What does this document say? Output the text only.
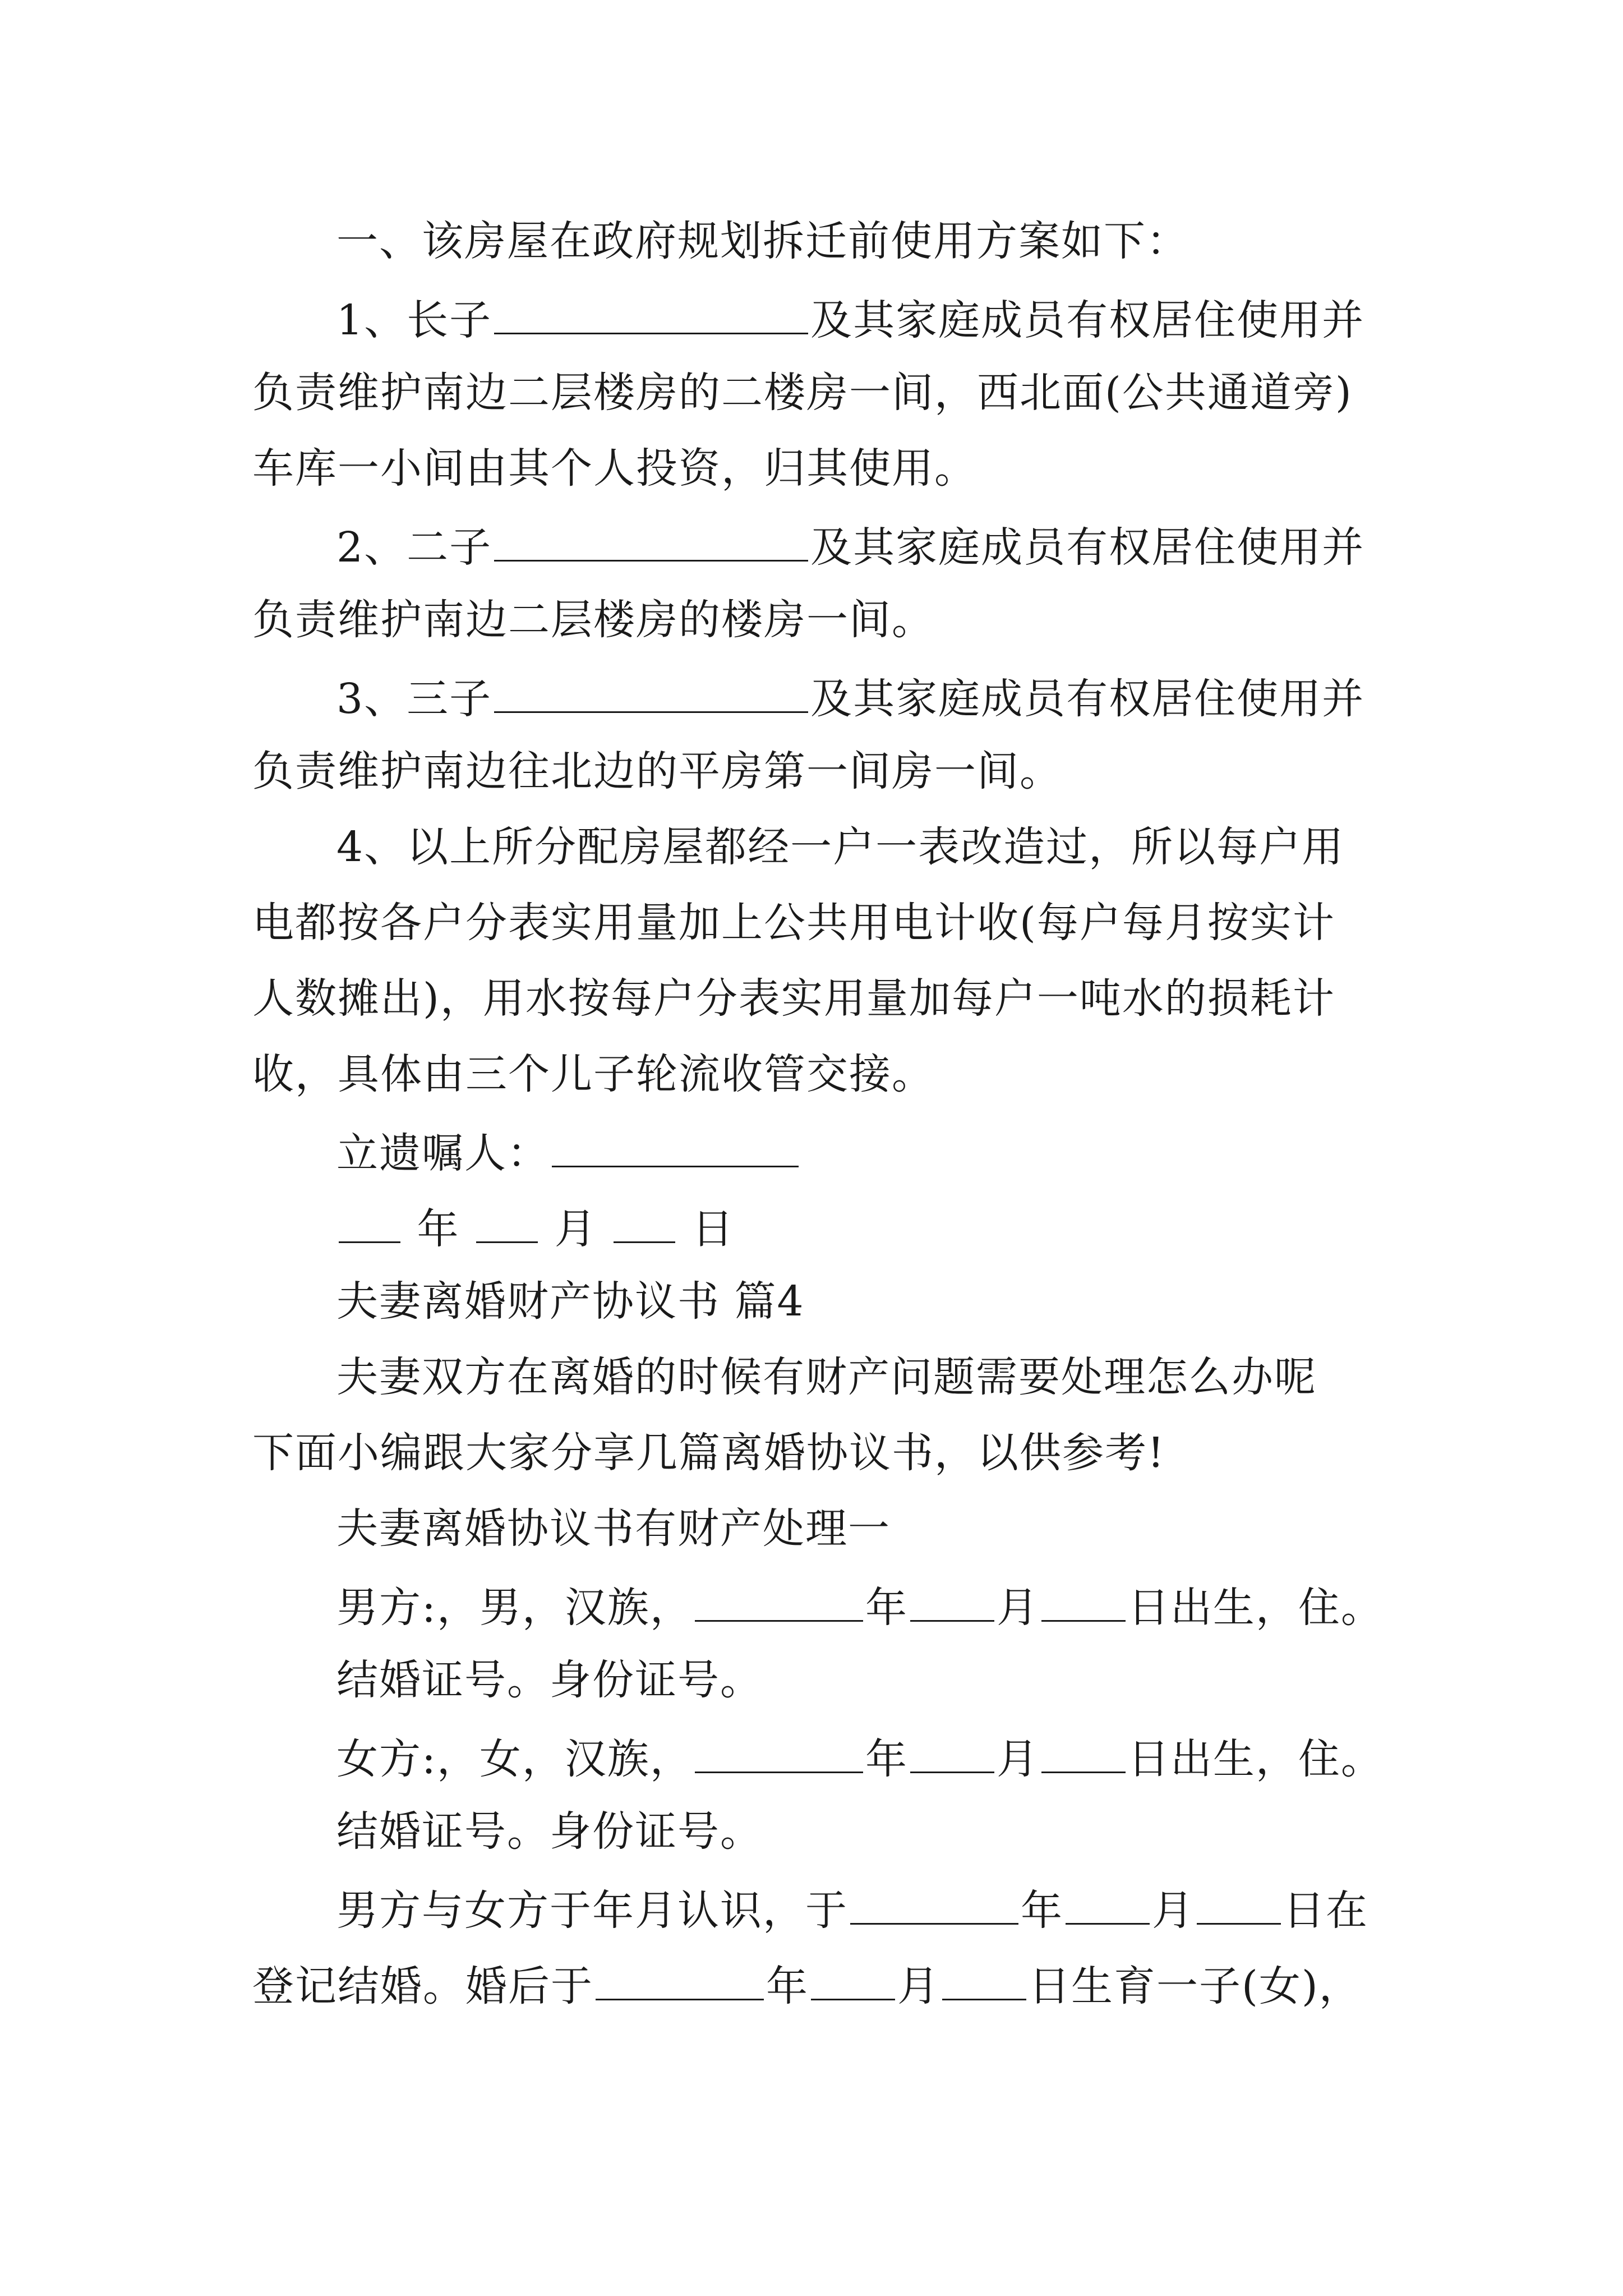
一、该房屋在政府规划拆迁前使用方案如下：
1、长子	及其家庭成员有权居住使用并
负责维护南边二层楼房的二楼房一间，西北面(公共通道旁)
车库一小间由其个人投资，归其使用。
2、二子	及其家庭成员有权居住使用并
负责维护南边二层楼房的楼房一间。
3、三子	及其家庭成员有权居住使用并
负责维护南边往北边的平房第一间房一间。
4、以上所分配房屋都经一户一表改造过，所以每户用
电都按各户分表实用量加上公共用电计收(每户每月按实计
人数摊出)，用水按每户分表实用量加每户一吨水的损耗计
收，具体由三个儿子轮流收管交接。
立遗嘱人：
年  月  日
夫妻离婚财产协议书 篇4
夫妻双方在离婚的时候有财产问题需要处理怎么办呢
下面小编跟大家分享几篇离婚协议书，以供参考!
夫妻离婚协议书有财产处理一
男方:，男，汉族，	年 月 日出生，住。
结婚证号。身份证号。
女方:，女，汉族，	年 月 日出生，住。
结婚证号。身份证号。
男方与女方于年月认识，于	年 月 日在
登记结婚。婚后于	年 月 日生育一子(女)，
